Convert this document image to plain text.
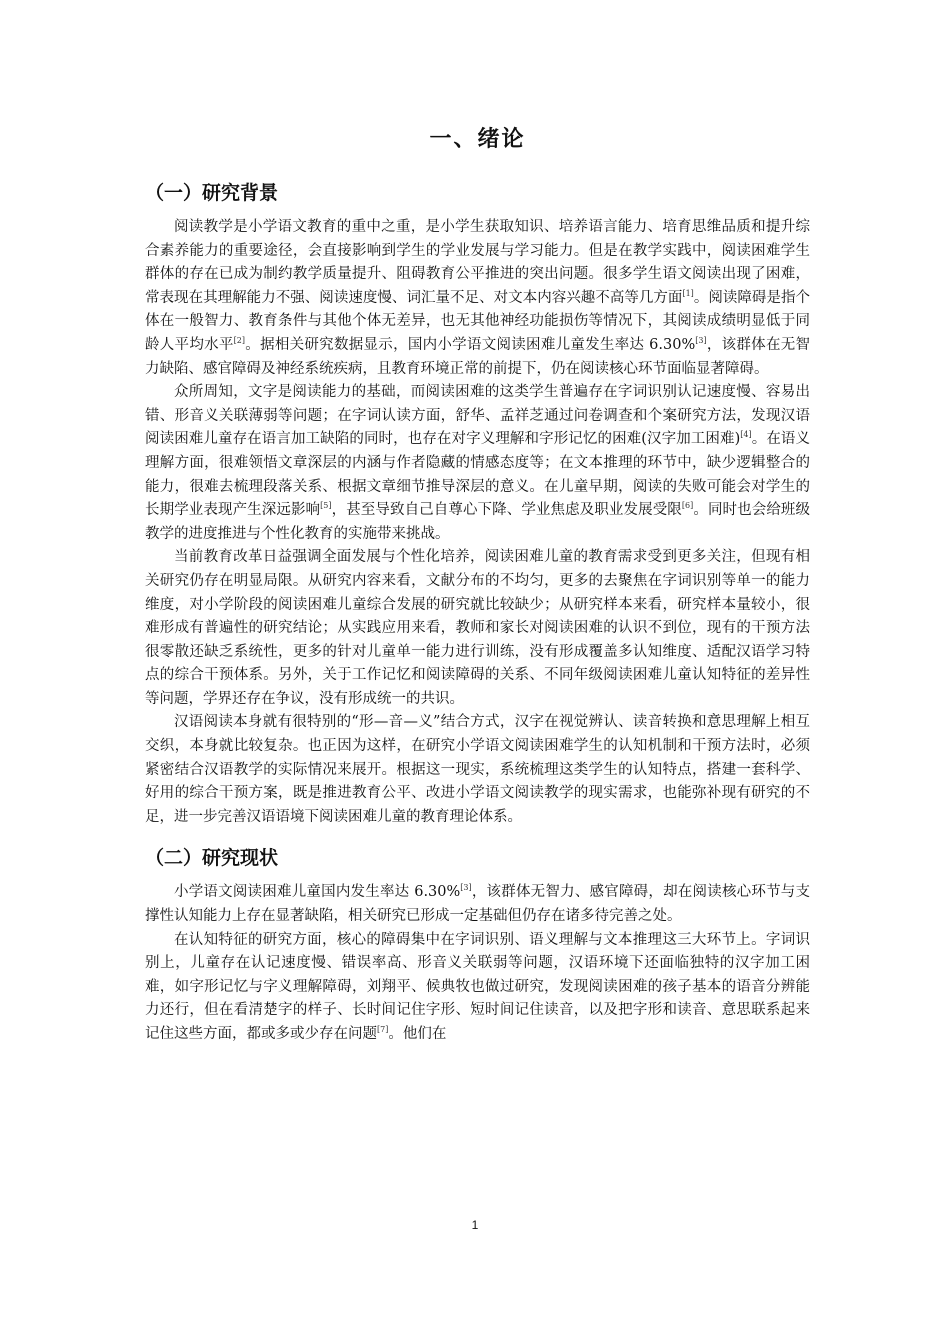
一、绪论
（一）研究背景

阅读教学是小学语文教育的重中之重，是小学生获取知识、培养语言能力、培育思维品质和提升综合素养能力的重要途径，会直接影响到学生的学业发展与学习能力。但是在教学实践中，阅读困难学生群体的存在已成为制约教学质量提升、阻碍教育公平推进的突出问题。很多学生语文阅读出现了困难，常表现在其理解能力不强、阅读速度慢、词汇量不足、对文本内容兴趣不高等几方面[1]。阅读障碍是指个体在一般智力、教育条件与其他个体无差异，也无其他神经功能损伤等情况下，其阅读成绩明显低于同龄人平均水平[2]。据相关研究数据显示，国内小学语文阅读困难儿童发生率达 6.30%[3]，该群体在无智力缺陷、感官障碍及神经系统疾病，且教育环境正常的前提下，仍在阅读核心环节面临显著障碍。

众所周知，文字是阅读能力的基础，而阅读困难的这类学生普遍存在字词识别认记速度慢、容易出错、形音义关联薄弱等问题；在字词认读方面，舒华、孟祥芝通过问卷调查和个案研究方法，发现汉语阅读困难儿童存在语言加工缺陷的同时，也存在对字义理解和字形记忆的困难(汉字加工困难)[4]。在语义理解方面，很难领悟文章深层的内涵与作者隐藏的情感态度等；在文本推理的环节中，缺少逻辑整合的能力，很难去梳理段落关系、根据文章细节推导深层的意义。在儿童早期，阅读的失败可能会对学生的长期学业表现产生深远影响[5]，甚至导致自己自尊心下降、学业焦虑及职业发展受限[6]。同时也会给班级教学的进度推进与个性化教育的实施带来挑战。

当前教育改革日益强调全面发展与个性化培养，阅读困难儿童的教育需求受到更多关注，但现有相关研究仍存在明显局限。从研究内容来看，文献分布的不均匀，更多的去聚焦在字词识别等单一的能力维度，对小学阶段的阅读困难儿童综合发展的研究就比较缺少；从研究样本来看，研究样本量较小，很难形成有普遍性的研究结论；从实践应用来看，教师和家长对阅读困难的认识不到位，现有的干预方法很零散还缺乏系统性，更多的针对儿童单一能力进行训练，没有形成覆盖多认知维度、适配汉语学习特点的综合干预体系。另外，关于工作记忆和阅读障碍的关系、不同年级阅读困难儿童认知特征的差异性等问题，学界还存在争议，没有形成统一的共识。

汉语阅读本身就有很特别的“形—音—义”结合方式，汉字在视觉辨认、读音转换和意思理解上相互交织，本身就比较复杂。也正因为这样，在研究小学语文阅读困难学生的认知机制和干预方法时，必须紧密结合汉语教学的实际情况来展开。根据这一现实，系统梳理这类学生的认知特点，搭建一套科学、好用的综合干预方案，既是推进教育公平、改进小学语文阅读教学的现实需求，也能弥补现有研究的不足，进一步完善汉语语境下阅读困难儿童的教育理论体系。

（二）研究现状

小学语文阅读困难儿童国内发生率达 6.30%[3]，该群体无智力、感官障碍，却在阅读核心环节与支撑性认知能力上存在显著缺陷，相关研究已形成一定基础但仍存在诸多待完善之处。

在认知特征的研究方面，核心的障碍集中在字词识别、语义理解与文本推理这三大环节上。字词识别上，儿童存在认记速度慢、错误率高、形音义关联弱等问题，汉语环境下还面临独特的汉字加工困难，如字形记忆与字义理解障碍，刘翔平、候典牧也做过研究，发现阅读困难的孩子基本的语音分辨能力还行，但在看清楚字的样子、长时间记住字形、短时间记住读音，以及把字形和读音、意思联系起来记住这些方面，都或多或少存在问题[7]。他们在

1
